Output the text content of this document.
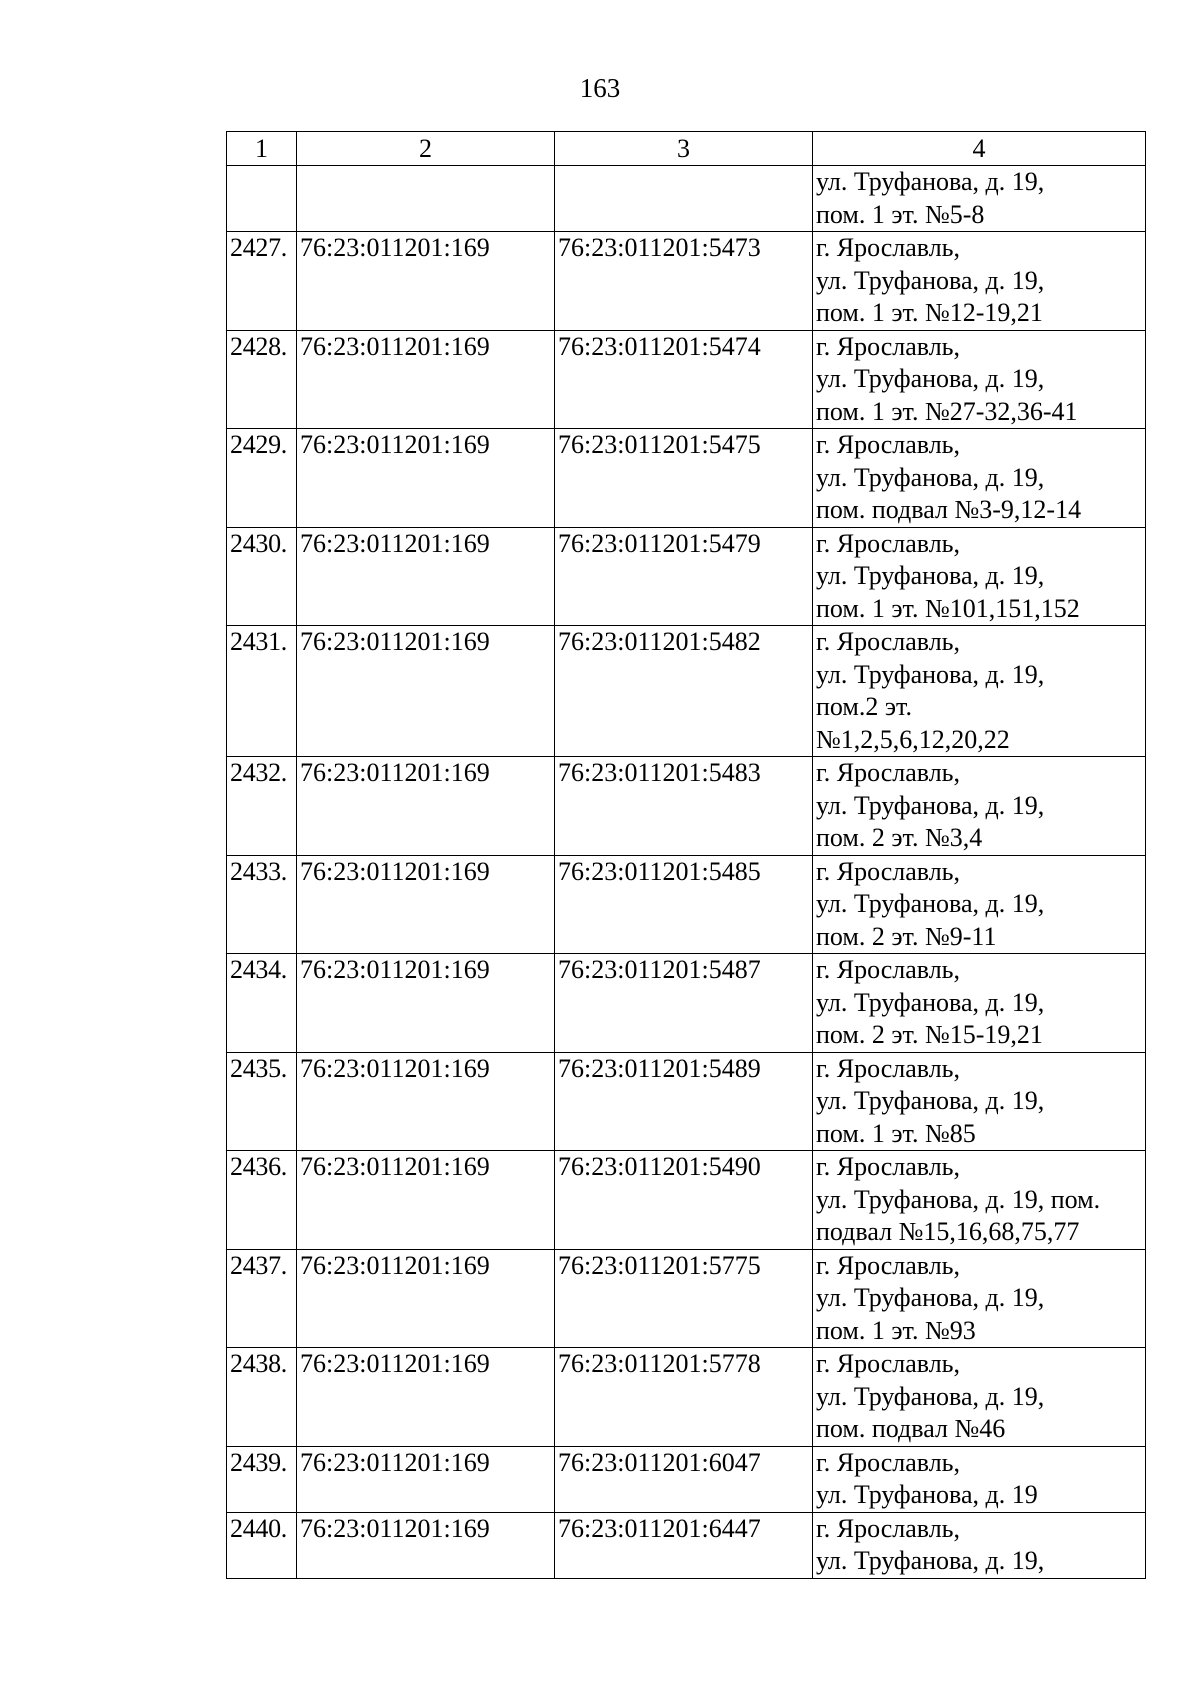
163
1	2	3	4

			ул. Труфанова, д. 19,
пом. 1 эт. №5-8

2427.	76:23:011201:169	76:23:011201:5473	г. Ярославль,
ул. Труфанова, д. 19,
пом. 1 эт. №12-19,21

2428.	76:23:011201:169	76:23:011201:5474	г. Ярославль,
ул. Труфанова, д. 19,
пом. 1 эт. №27-32,36-41

2429.	76:23:011201:169	76:23:011201:5475	г. Ярославль,
ул. Труфанова, д. 19,
пом. подвал №3-9,12-14

2430.	76:23:011201:169	76:23:011201:5479	г. Ярославль,
ул. Труфанова, д. 19,
пом. 1 эт. №101,151,152

2431.	76:23:011201:169	76:23:011201:5482	г. Ярославль,
ул. Труфанова, д. 19,
пом.2 эт.
№1,2,5,6,12,20,22

2432.	76:23:011201:169	76:23:011201:5483	г. Ярославль,
ул. Труфанова, д. 19,
пом. 2 эт. №3,4

2433.	76:23:011201:169	76:23:011201:5485	г. Ярославль,
ул. Труфанова, д. 19,
пом. 2 эт. №9-11

2434.	76:23:011201:169	76:23:011201:5487	г. Ярославль,
ул. Труфанова, д. 19,
пом. 2 эт. №15-19,21

2435.	76:23:011201:169	76:23:011201:5489	г. Ярославль,
ул. Труфанова, д. 19,
пом. 1 эт. №85

2436.	76:23:011201:169	76:23:011201:5490	г. Ярославль,
ул. Труфанова, д. 19, пом.
подвал №15,16,68,75,77

2437.	76:23:011201:169	76:23:011201:5775	г. Ярославль,
ул. Труфанова, д. 19,
пом. 1 эт. №93

2438.	76:23:011201:169	76:23:011201:5778	г. Ярославль,
ул. Труфанова, д. 19,
пом. подвал №46

2439.	76:23:011201:169	76:23:011201:6047	г. Ярославль,
ул. Труфанова, д. 19

2440.	76:23:011201:169	76:23:011201:6447	г. Ярославль,
ул. Труфанова, д. 19,
